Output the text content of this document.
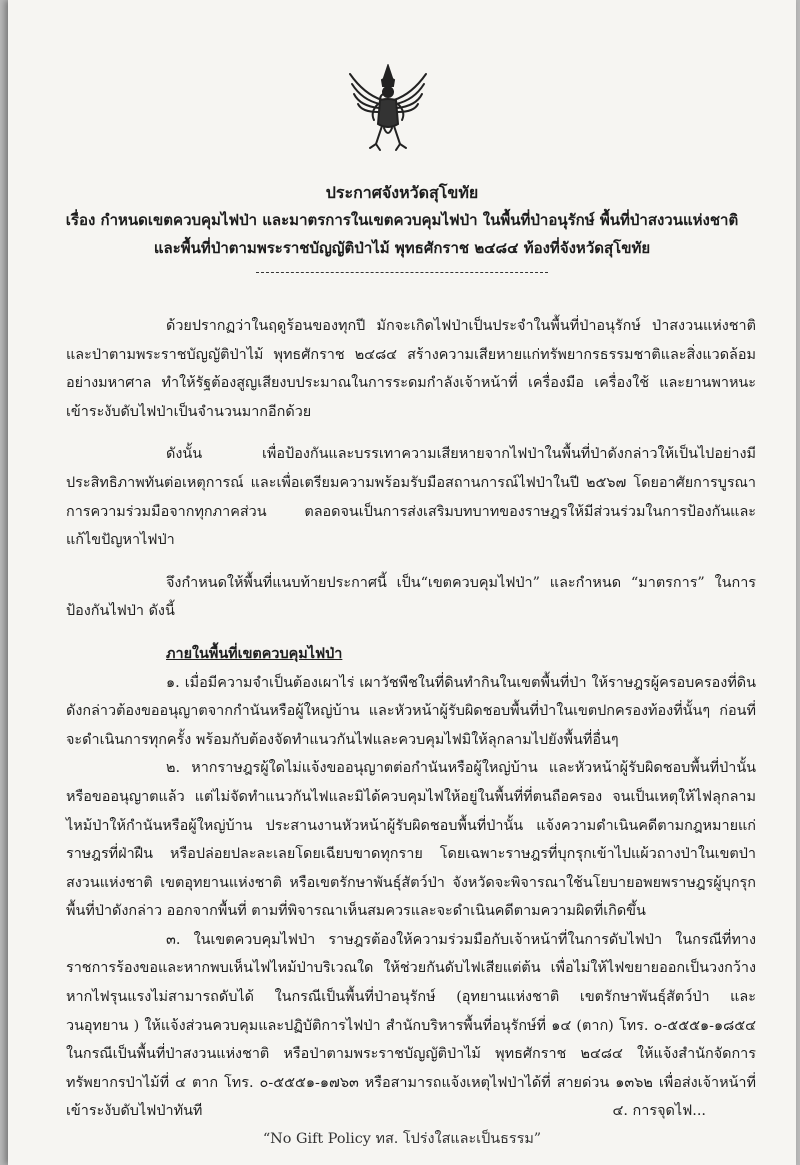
ประกาศจังหวัดสุโขทัย
เรื่อง กำหนดเขตควบคุมไฟป่า และมาตรการในเขตควบคุมไฟป่า ในพื้นที่ป่าอนุรักษ์ พื้นที่ป่าสงวนแห่งชาติ
และพื้นที่ป่าตามพระราชบัญญัติป่าไม้ พุทธศักราช ๒๔๘๔ ท้องที่จังหวัดสุโขทัย

ด้วยปรากฏว่าในฤดูร้อนของทุกปี มักจะเกิดไฟป่าเป็นประจำในพื้นที่ป่าอนุรักษ์ ป่าสงวนแห่งชาติ และป่าตามพระราชบัญญัติป่าไม้ พุทธศักราช ๒๔๘๔ สร้างความเสียหายแก่ทรัพยากรธรรมชาติและสิ่งแวดล้อมอย่างมหาศาล ทำให้รัฐต้องสูญเสียงบประมาณในการระดมกำลังเจ้าหน้าที่ เครื่องมือ เครื่องใช้ และยานพาหนะ เข้าระงับดับไฟป่าเป็นจำนวนมากอีกด้วย

ดังนั้น เพื่อป้องกันและบรรเทาความเสียหายจากไฟป่าในพื้นที่ป่าดังกล่าวให้เป็นไปอย่างมีประสิทธิภาพทันต่อเหตุการณ์ และเพื่อเตรียมความพร้อมรับมือสถานการณ์ไฟป่าในปี ๒๕๖๗ โดยอาศัยการบูรณาการความร่วมมือจากทุกภาคส่วน ตลอดจนเป็นการส่งเสริมบทบาทของราษฎรให้มีส่วนร่วมในการป้องกันและแก้ไขปัญหาไฟป่า

จึงกำหนดให้พื้นที่แนบท้ายประกาศนี้ เป็น“เขตควบคุมไฟป่า” และกำหนด “มาตรการ” ในการป้องกันไฟป่า ดังนี้

ภายในพื้นที่เขตควบคุมไฟป่า

๑. เมื่อมีความจำเป็นต้องเผาไร่ เผาวัชพืชในที่ดินทำกินในเขตพื้นที่ป่า ให้ราษฎรผู้ครอบครองที่ดินดังกล่าวต้องขออนุญาตจากกำนันหรือผู้ใหญ่บ้าน และหัวหน้าผู้รับผิดชอบพื้นที่ป่าในเขตปกครองท้องที่นั้นๆ ก่อนที่จะดำเนินการทุกครั้ง พร้อมกับต้องจัดทำแนวกันไฟและควบคุมไฟมิให้ลุกลามไปยังพื้นที่อื่นๆ

๒. หากราษฎรผู้ใดไม่แจ้งขออนุญาตต่อกำนันหรือผู้ใหญ่บ้าน และหัวหน้าผู้รับผิดชอบพื้นที่ป่านั้นหรือขออนุญาตแล้ว แต่ไม่จัดทำแนวกันไฟและมิได้ควบคุมไฟให้อยู่ในพื้นที่ที่ตนถือครอง จนเป็นเหตุให้ไฟลุกลามไหม้ป่าให้กำนันหรือผู้ใหญ่บ้าน ประสานงานหัวหน้าผู้รับผิดชอบพื้นที่ป่านั้น แจ้งความดำเนินคดีตามกฎหมายแก่ราษฎรที่ฝ่าฝืน หรือปล่อยปละละเลยโดยเฉียบขาดทุกราย โดยเฉพาะราษฎรที่บุกรุกเข้าไปแผ้วถางป่าในเขตป่าสงวนแห่งชาติ เขตอุทยานแห่งชาติ หรือเขตรักษาพันธุ์สัตว์ป่า จังหวัดจะพิจารณาใช้นโยบายอพยพราษฎรผู้บุกรุกพื้นที่ป่าดังกล่าว ออกจากพื้นที่ ตามที่พิจารณาเห็นสมควรและจะดำเนินคดีตามความผิดที่เกิดขึ้น

๓. ในเขตควบคุมไฟป่า ราษฎรต้องให้ความร่วมมือกับเจ้าหน้าที่ในการดับไฟป่า ในกรณีที่ทางราชการร้องขอและหากพบเห็นไฟไหม้ป่าบริเวณใด ให้ช่วยกันดับไฟเสียแต่ต้น เพื่อไม่ให้ไฟขยายออกเป็นวงกว้าง หากไฟรุนแรงไม่สามารถดับได้ ในกรณีเป็นพื้นที่ป่าอนุรักษ์ (อุทยานแห่งชาติ เขตรักษาพันธุ์สัตว์ป่า และ วนอุทยาน ) ให้แจ้งส่วนควบคุมและปฏิบัติการไฟป่า สำนักบริหารพื้นที่อนุรักษ์ที่ ๑๔ (ตาก) โทร. ๐-๕๕๕๑-๑๘๕๔ ในกรณีเป็นพื้นที่ป่าสงวนแห่งชาติ หรือป่าตามพระราชบัญญัติป่าไม้ พุทธศักราช ๒๔๘๔ ให้แจ้งสำนักจัดการทรัพยากรป่าไม้ที่ ๔ ตาก โทร. ๐-๕๕๕๑-๑๗๖๓ หรือสามารถแจ้งเหตุไฟป่าได้ที่ สายด่วน ๑๓๖๒ เพื่อส่งเจ้าหน้าที่เข้าระงับดับไฟป่าทันที	๔. การจุดไฟ...
“No Gift Policy ทส. โปร่งใสและเป็นธรรม”
